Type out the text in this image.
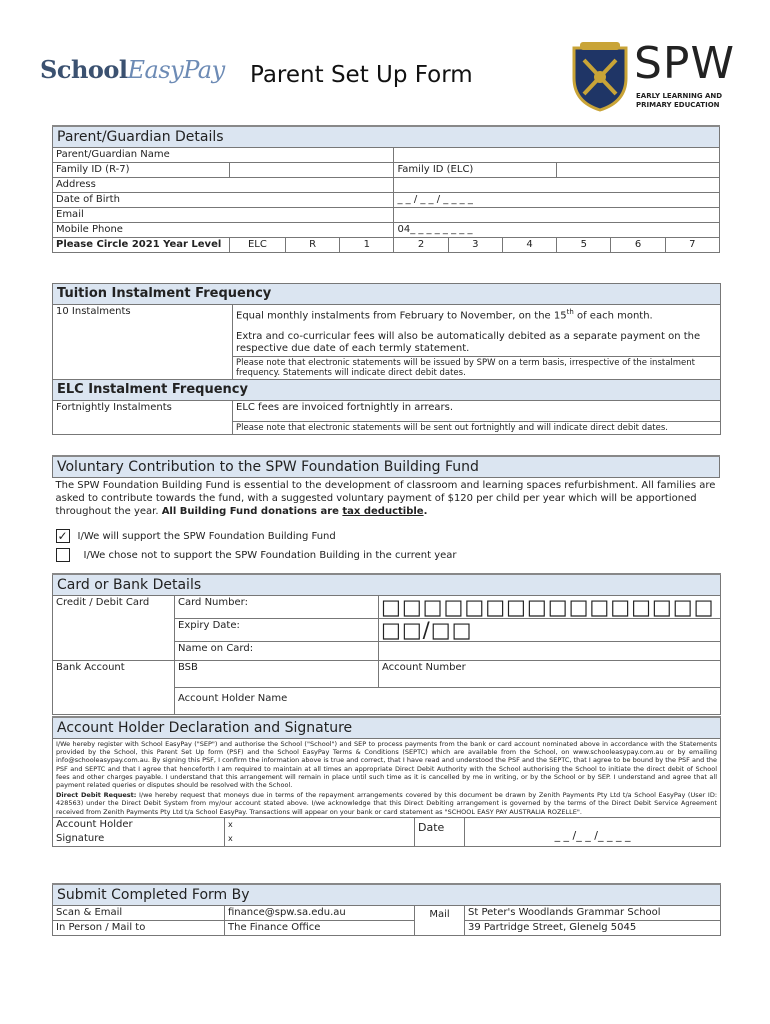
SchoolEasyPay Parent Set Up Form	SPW
EARLY LEARNING AND
PRIMARY EDUCATION
Parent/Guardian Details									
Parent/Guardian Name									
Family ID (R-7)				Family ID (ELC)					
Address									
Date of Birth				_ _ / _ _ / _ _ _ _					
Email									
Mobile Phone				04_ _ _ _ _ _ _ _					
Please Circle 2021 Year Level	ELC	R	1	2	3	4	5	6	7
Tuition Instalment Frequency	
10 Instalments	Equal monthly instalments from February to November, on the 15th of each month.
	Extra and co-curricular fees will also be automatically debited as a separate payment on the respective due date of each termly statement.
	Please note that electronic statements will be issued by SPW on a term basis, irrespective of the instalment frequency. Statements will indicate direct debit dates.
ELC Instalment Frequency	
Fortnightly Instalments	ELC fees are invoiced fortnightly in arrears.
	Please note that electronic statements will be sent out fortnightly and will indicate direct debit dates.
Voluntary Contribution to the SPW Foundation Building Fund
The SPW Foundation Building Fund is essential to the development of classroom and learning spaces refurbishment. All families are asked to contribute towards the fund, with a suggested voluntary payment of $120 per child per year which will be apportioned throughout the year. All Building Fund donations are tax deductible.
✓ I/We will support the SPW Foundation Building Fund
I/We chose not to support the SPW Foundation Building in the current year
Card or Bank Details		
Credit / Debit Card	Card Number:	□□□□□□□□□□□□□□□□
	Expiry Date:	□□/□□
	Name on Card:	
Bank Account	BSB	Account Number
	Account Holder Name	
Account Holder Declaration and Signature			
I/We hereby register with School EasyPay ("SEP") and authorise the School ("School") and SEP to process payments from the bank or card account nominated above in accordance with the Statements provided by the School, this Parent Set Up form (PSF) and the School EasyPay Terms & Conditions (SEPTC) which are available from the School, on www.schooleasypay.com.au or by emailing info@schooleasypay.com.au. By signing this PSF, I confirm the information above is true and correct, that I have read and understood the PSF and the SEPTC, that I agree to be bound by the PSF and the PSF and SEPTC and that I agree that henceforth I am required to maintain at all times an appropriate Direct Debit Authority with the School authorising the School to initiate the direct debit of School fees and other charges payable. I understand that this arrangement will remain in place until such time as it is cancelled by me in writing, or by the School or by SEP. I understand and agree that all payment related queries or disputes should be resolved with the School.			
Direct Debit Request: I/we hereby request that moneys due in terms of the repayment arrangements covered by this document be drawn by Zenith Payments Pty Ltd t/a School EasyPay (User ID: 428563) under the Direct Debit System from my/our account stated above. I/we acknowledge that this Direct Debiting arrangement is governed by the terms of the Direct Debit Service Agreement received from Zenith Payments Pty Ltd t/a School EasyPay. Transactions will appear on your bank or card statement as "SCHOOL EASY PAY AUSTRALIA ROZELLE".			
Account Holder	x	Date	_ _ /_ _ /_ _ _ _
Signature	x		
Submit Completed Form By			
Scan & Email	finance@spw.sa.edu.au	Mail	St Peter's Woodlands Grammar School
In Person / Mail to	The Finance Office		39 Partridge Street, Glenelg 5045
